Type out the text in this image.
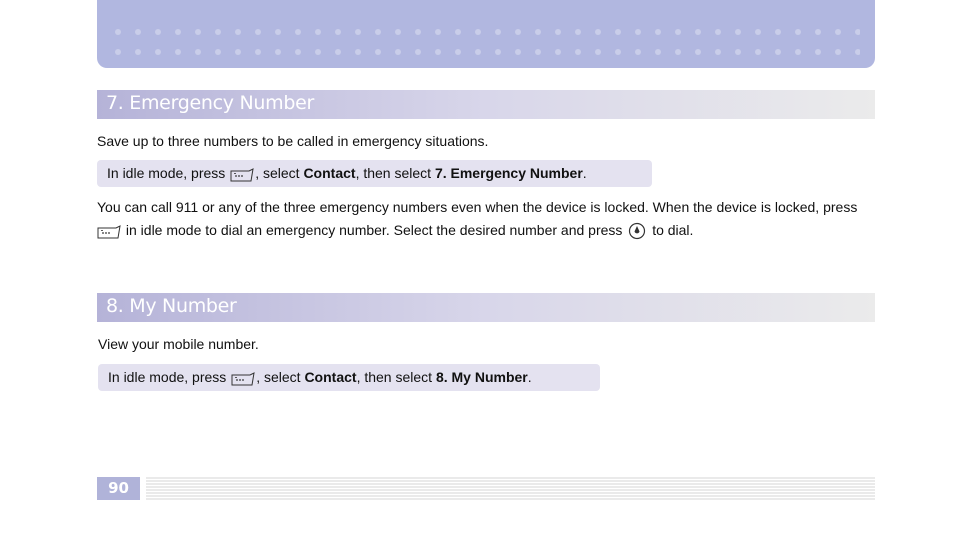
7. Emergency Number
Save up to three numbers to be called in emergency situations.
In idle mode, press , select Contact, then select 7. Emergency Number.
You can call 911 or any of the three emergency numbers even when the device is locked. When the device is locked, press
in idle mode to dial an emergency number. Select the desired number and press to dial.
8. My Number
View your mobile number.
In idle mode, press , select Contact, then select 8. My Number.
90
